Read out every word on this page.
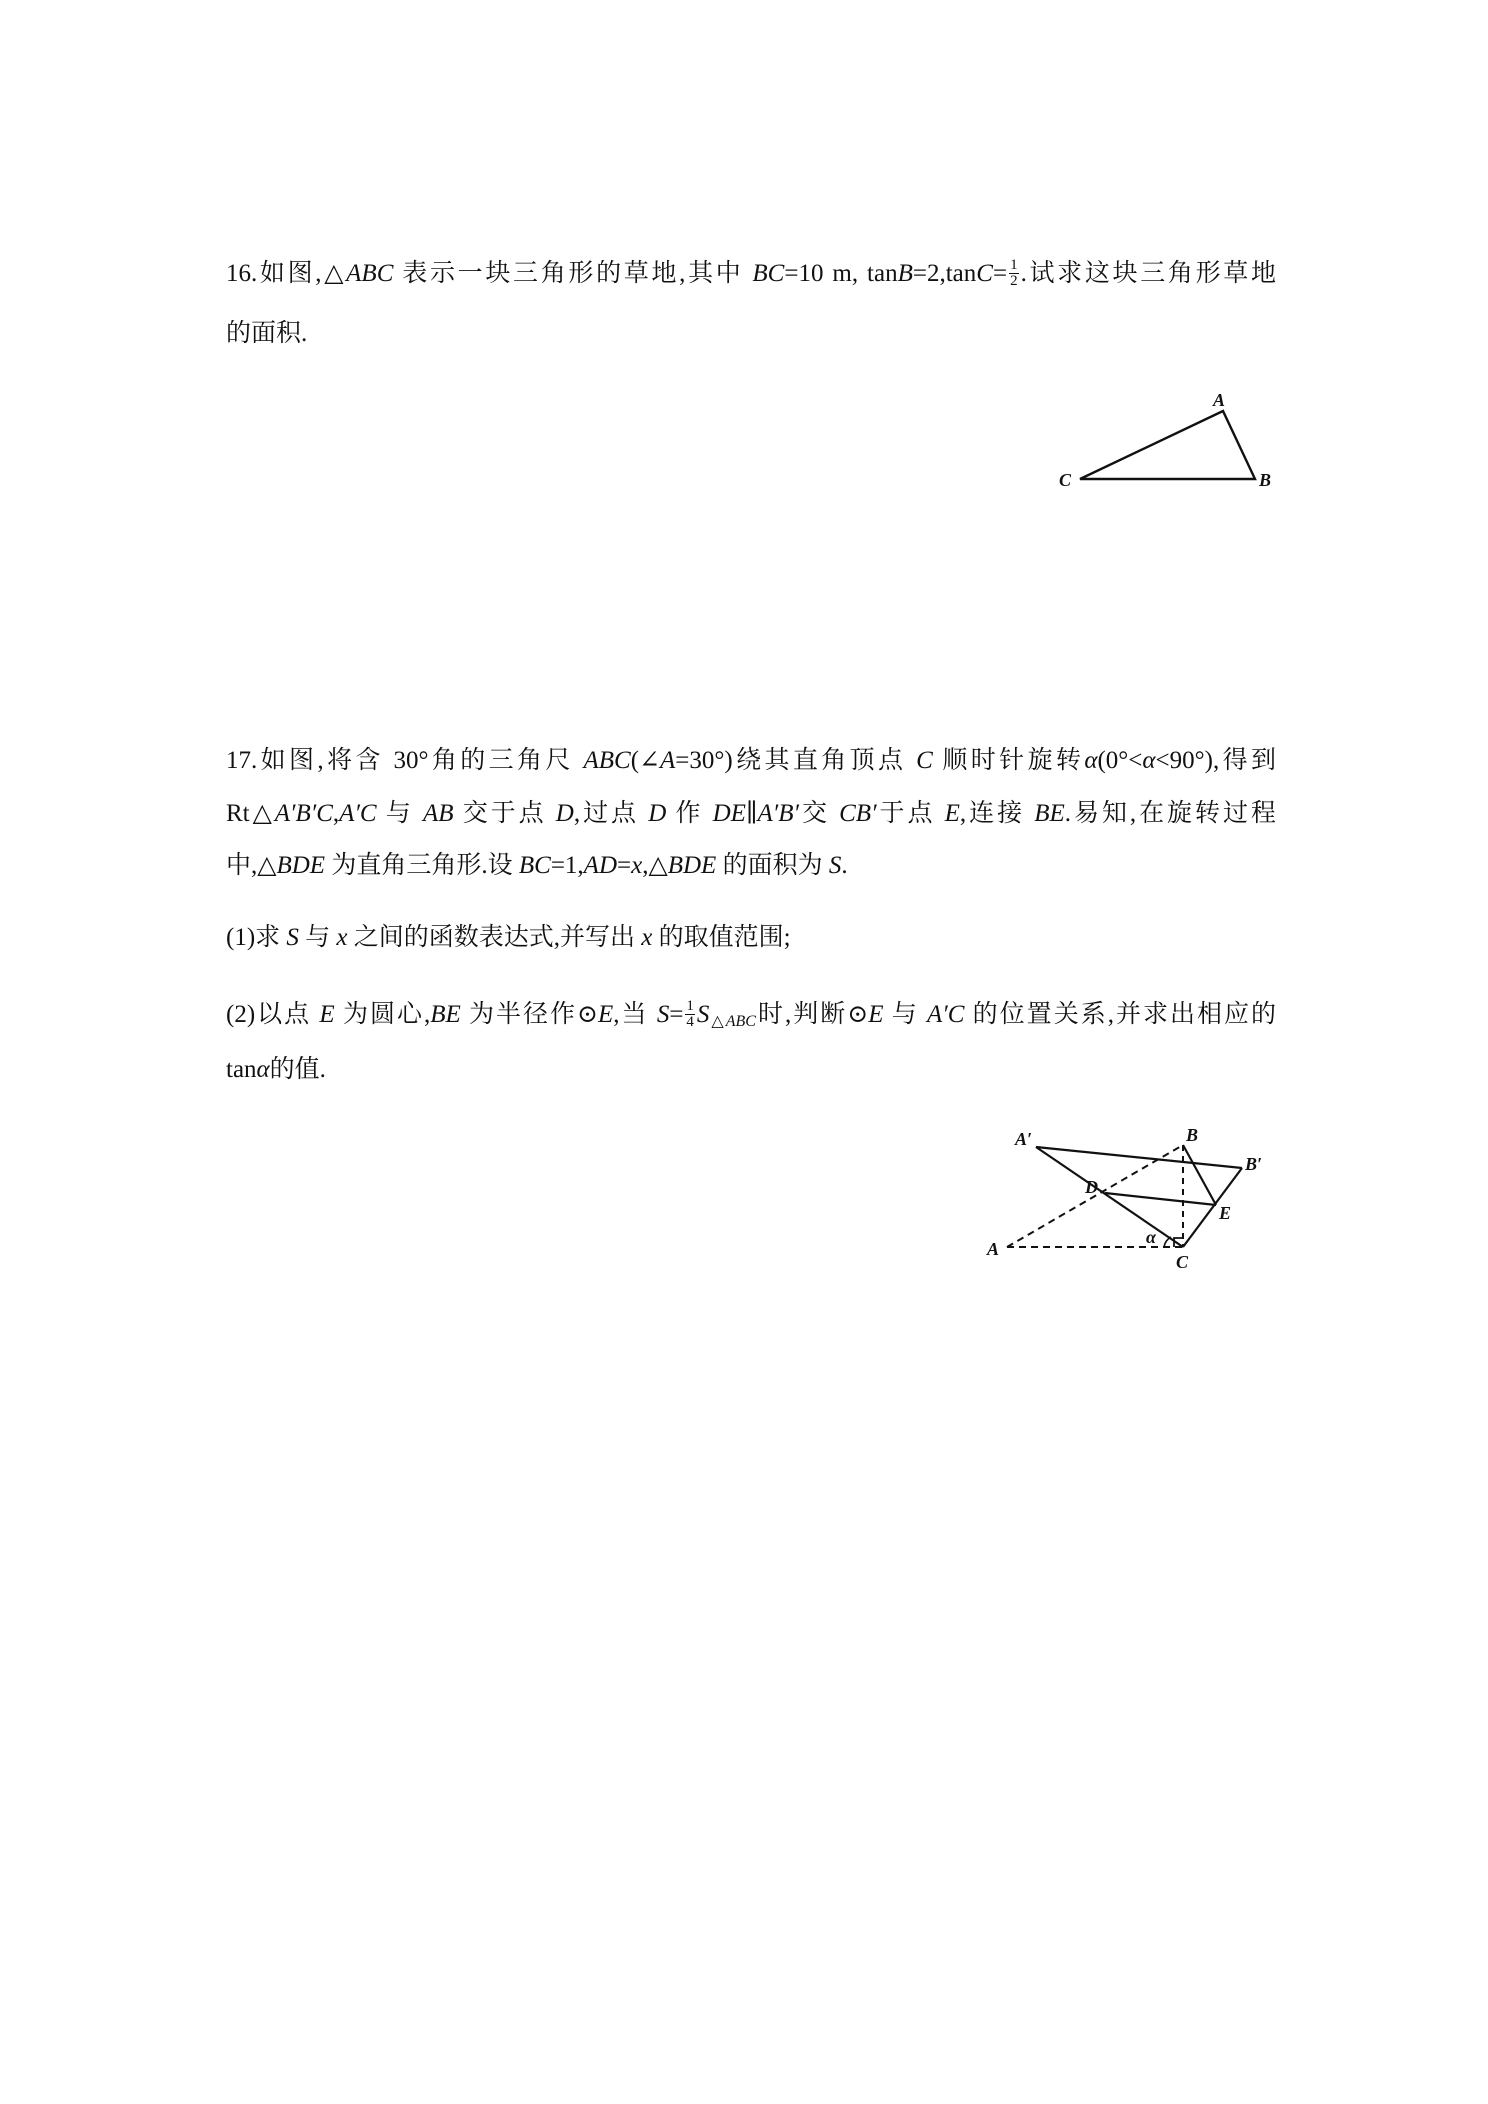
16.如图,△ABC 表示一块三角形的草地,其中 BC=10 m, $\tan B=2,\tan C= \frac{1}{2}$ .试求这块三角形草地
的面积.
A
B
C
17.如图,将含 30°角的三角尺 ABC(∠A=30°)绕其直角顶点 C 顺时针旋转α(0°<α<90°),得到
Rt△A′B′C,A′C 与 AB 交于点 D,过点 D 作 DE∥A′B′交 CB′于点 E,连接 BE.易知,在旋转过程
中,△BDE 为直角三角形.设 BC=1,AD=x,△BDE 的面积为 S.
(1)求 S 与 x 之间的函数表达式,并写出 x 的取值范围;
(2)以点 E 为圆心,BE 为半径作⊙E,当 $S= \frac{1}{4} S_{\triangle ABC}$时,判断⊙E 与 A′C 的位置关系,并求出相应的
tanα的值.
A′	B
B′
D
E
α
A
C
